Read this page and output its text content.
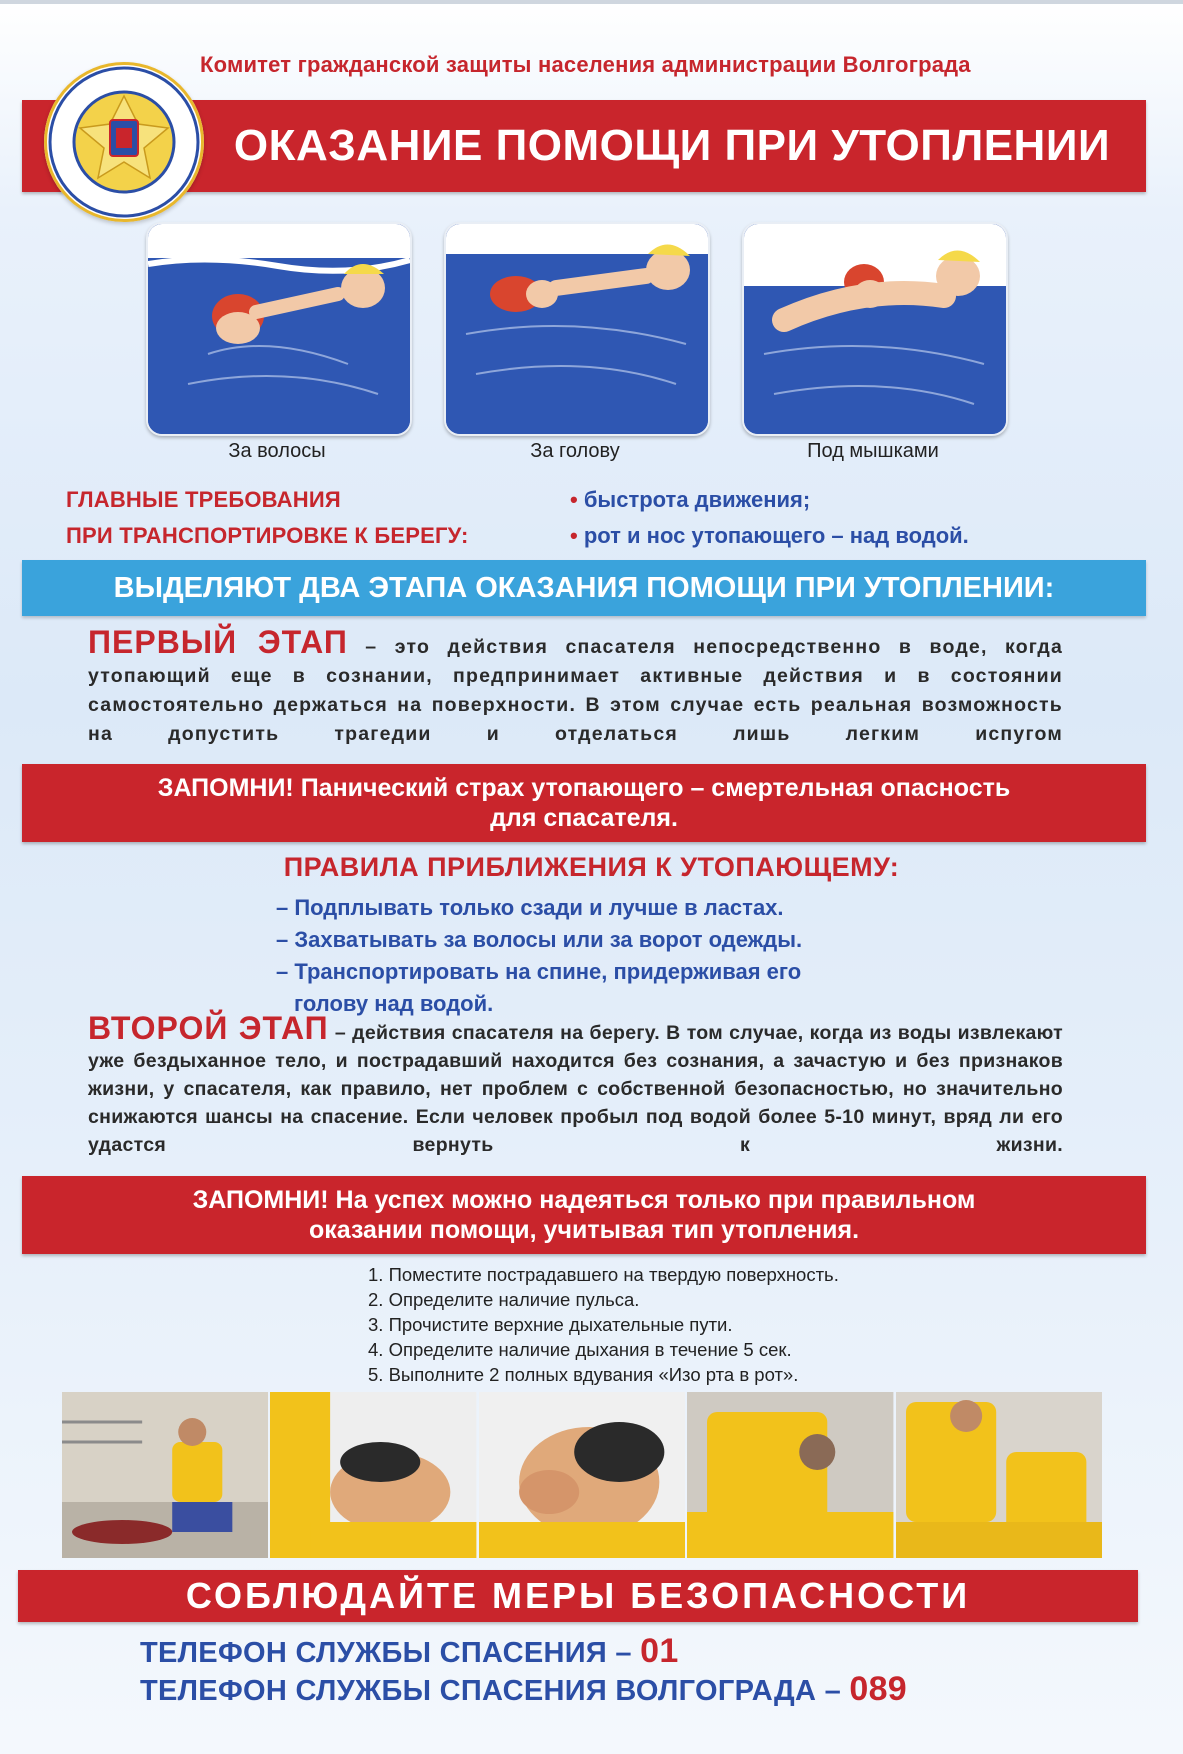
Комитет гражданской защиты населения администрации Волгограда
ОКАЗАНИЕ ПОМОЩИ ПРИ УТОПЛЕНИИ
За волосы	За голову	Под мышками
ГЛАВНЫЕ ТРЕБОВАНИЯ
ПРИ ТРАНСПОРТИРОВКЕ К БЕРЕГУ:
• быстрота движения;
• рот и нос утопающего – над водой.
ВЫДЕЛЯЮТ ДВА ЭТАПА ОКАЗАНИЯ ПОМОЩИ ПРИ УТОПЛЕНИИ:
ПЕРВЫЙ ЭТАП – это действия спасателя непосредственно в воде, когда утопающий еще в сознании, предпринимает активные действия и в состоянии самостоятельно держаться на поверхности. В этом случае есть реальная возможность на допустить трагедии и отделаться лишь легким испугом
ЗАПОМНИ! Панический страх утопающего – смертельная опасность для спасателя.
ПРАВИЛА ПРИБЛИЖЕНИЯ К УТОПАЮЩЕМУ:
– Подплывать только сзади и лучше в ластах.
– Захватывать за волосы или за ворот одежды.
– Транспортировать на спине, придерживая его
голову над водой.
ВТОРОЙ ЭТАП – действия спасателя на берегу. В том случае, когда из воды извлекают уже бездыханное тело, и пострадавший находится без сознания, а зачастую и без признаков жизни, у спасателя, как правило, нет проблем с собственной безопасностью, но значительно снижаются шансы на спасение. Если человек пробыл под водой более 5-10 минут, вряд ли его удастся вернуть к жизни.
ЗАПОМНИ! На успех можно надеяться только при правильном оказании помощи, учитывая тип утопления.
1. Поместите пострадавшего на твердую поверхность.
2. Определите наличие пульса.
3. Прочистите верхние дыхательные пути.
4. Определите наличие дыхания в течение 5 сек.
5. Выполните 2 полных вдувания «Изо рта в рот».
СОБЛЮДАЙТЕ МЕРЫ БЕЗОПАСНОСТИ
ТЕЛЕФОН СЛУЖБЫ СПАСЕНИЯ – 01
ТЕЛЕФОН СЛУЖБЫ СПАСЕНИЯ ВОЛГОГРАДА – 089
